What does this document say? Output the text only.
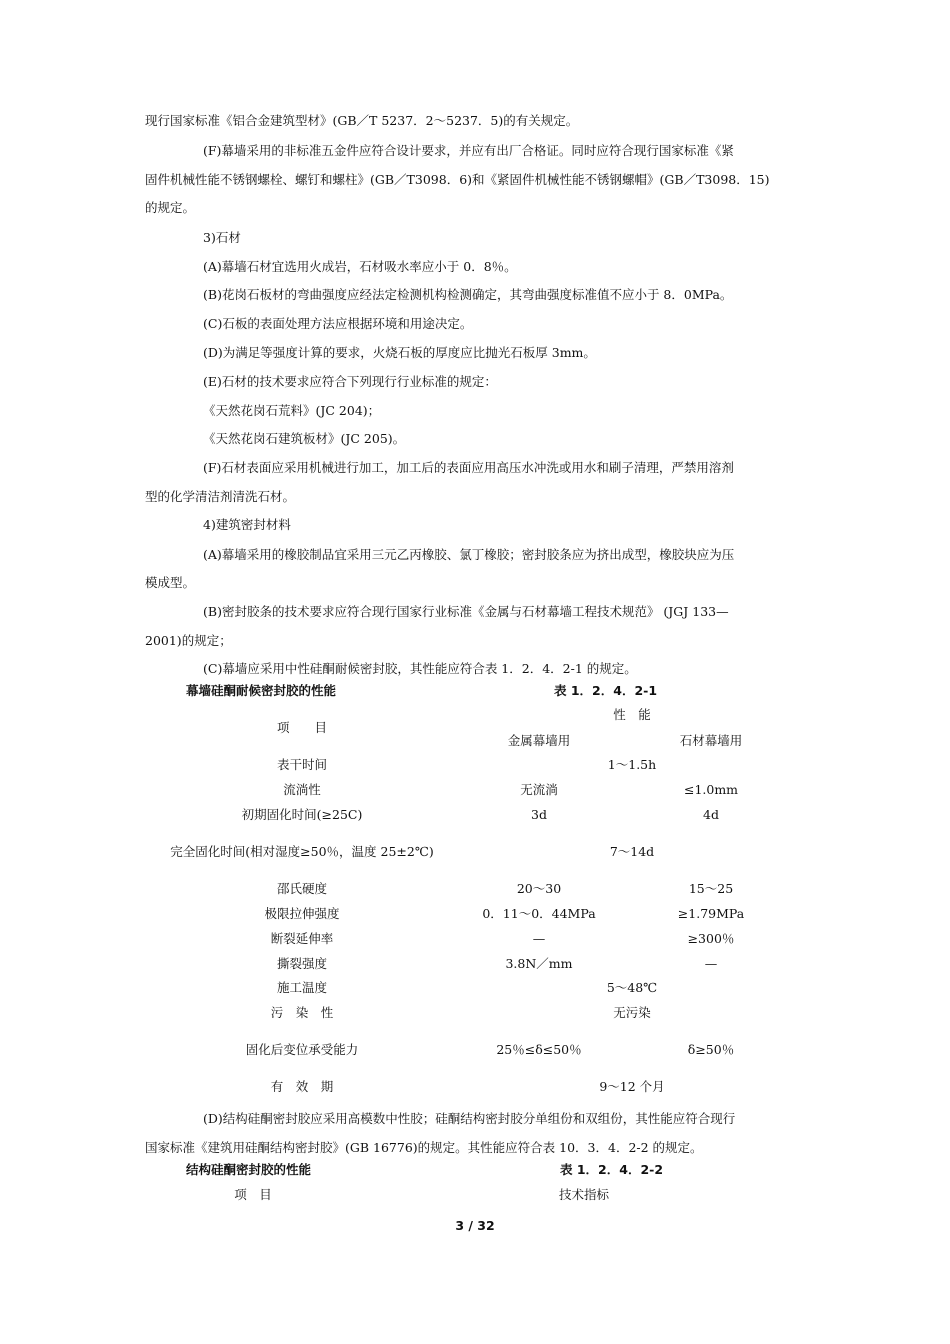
现行国家标准《铝合金建筑型材》(GB／T 5237．2～5237．5)的有关规定。
(F)幕墙采用的非标准五金件应符合设计要求，并应有出厂合格证。同时应符合现行国家标准《紧
固件机械性能不锈钢螺栓、螺钉和螺柱》(GB／T3098．6)和《紧固件机械性能不锈钢螺帽》(GB／T3098．15)
的规定。
3)石材
(A)幕墙石材宜选用火成岩，石材吸水率应小于 0．8％。
(B)花岗石板材的弯曲强度应经法定检测机构检测确定，其弯曲强度标准值不应小于 8．0MPa。
(C)石板的表面处理方法应根据环境和用途决定。
(D)为满足等强度计算的要求，火烧石板的厚度应比抛光石板厚 3mm。
(E)石材的技术要求应符合下列现行行业标准的规定：
《天然花岗石荒料》(JC 204)；
《天然花岗石建筑板材》(JC 205)。
(F)石材表面应采用机械进行加工，加工后的表面应用高压水冲洗或用水和刷子清理，严禁用溶剂
型的化学清洁剂清洗石材。
4)建筑密封材料
(A)幕墙采用的橡胶制品宜采用三元乙丙橡胶、氯丁橡胶；密封胶条应为挤出成型，橡胶块应为压
模成型。
(B)密封胶条的技术要求应符合现行国家行业标准《金属与石材幕墙工程技术规范》 (JGJ 133—
2001)的规定；
(C)幕墙应采用中性硅酮耐候密封胶，其性能应符合表 1．2．4．2-1 的规定。
幕墙硅酮耐候密封胶的性能	表 1．2．4．2-1
项　　目
性　能
金属幕墙用	石材幕墙用
表干时间	1～1.5h
流淌性	无流淌	≤1.0mm
初期固化时间(≥25C)	3d	4d
完全固化时间(相对湿度≥50％，温度 25±2℃)	7～14d
邵氏硬度	20～30	15～25
极限拉伸强度	0．11～0．44MPa	≥1.79MPa
断裂延伸率	—	≥300％
撕裂强度	3.8N／mm	—
施工温度	5～48℃
污　染　性	无污染
固化后变位承受能力	25％≤δ≤50％	δ≥50％
有　效　期	9～12 个月
(D)结构硅酮密封胶应采用高模数中性胶；硅酮结构密封胶分单组份和双组份，其性能应符合现行
国家标准《建筑用硅酮结构密封胶》(GB 16776)的规定。其性能应符合表 10．3．4．2-2 的规定。
结构硅酮密封胶的性能	表 1．2．4．2-2
项　目	技术指标
3 / 32
